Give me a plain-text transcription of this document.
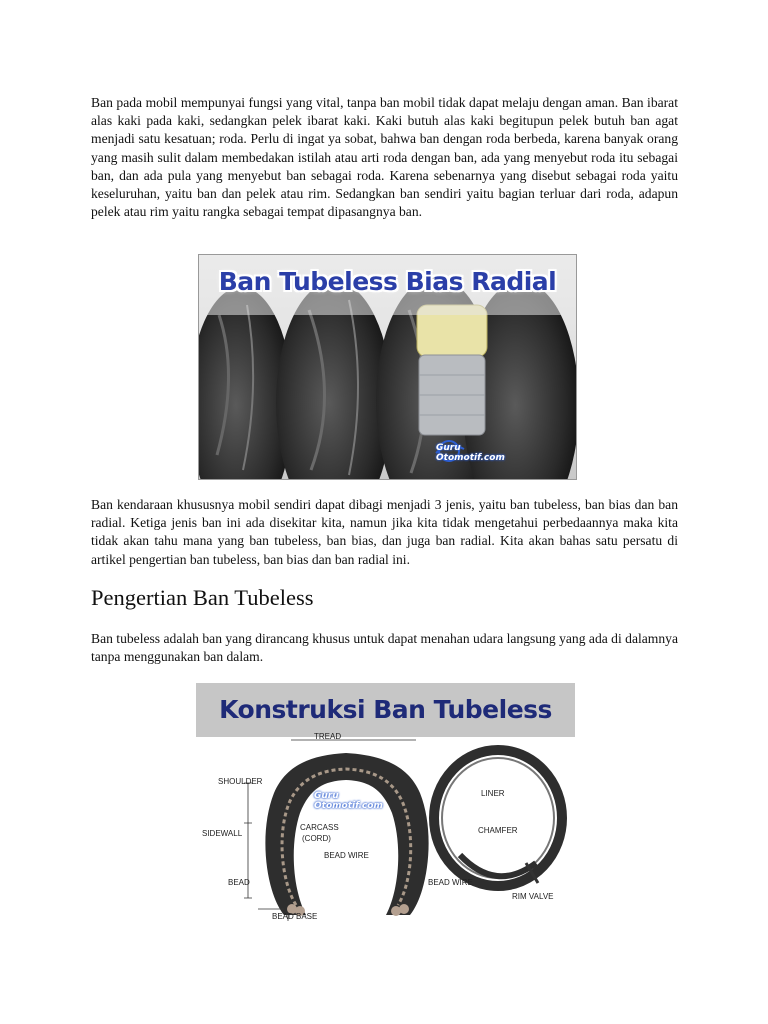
Ban pada mobil mempunyai fungsi yang vital, tanpa ban mobil tidak dapat melaju dengan aman. Ban ibarat alas kaki pada kaki, sedangkan pelek ibarat kaki. Kaki butuh alas kaki begitupun pelek butuh ban agat menjadi satu kesatuan; roda. Perlu di ingat ya sobat, bahwa ban dengan roda berbeda, karena banyak orang yang masih sulit dalam membedakan istilah atau arti roda dengan ban, ada yang menyebut roda itu sebagai ban, dan ada pula yang menyebut ban sebagai roda. Karena sebenarnya yang disebut sebagai roda yaitu keseluruhan, yaitu ban dan pelek atau rim. Sedangkan ban sendiri yaitu bagian terluar dari roda, adapun pelek atau rim yaitu rangka sebagai tempat dipasangnya ban.

Ban Tubeless Bias Radial
Guru
Otomotif.com

Ban kendaraan khususnya mobil sendiri dapat dibagi menjadi 3 jenis, yaitu ban tubeless, ban bias dan ban radial. Ketiga jenis ban ini ada disekitar kita, namun jika kita tidak mengetahui perbedaannya maka kita tidak akan tahu mana yang ban tubeless, ban bias, dan juga ban radial. Kita akan bahas satu persatu di artikel pengertian ban tubeless, ban bias dan ban radial ini.

Pengertian Ban Tubeless

Ban tubeless adalah ban yang dirancang khusus untuk dapat menahan udara langsung yang ada di dalamnya tanpa menggunakan ban dalam.

Konstruksi Ban Tubeless
TREAD
SHOULDER
SIDEWALL
CARCASS
(CORD)
BEAD WIRE
BEAD
BEAD BASE
LINER
CHAMFER
BEAD WIRE
RIM VALVE
Guru
Otomotif.com
